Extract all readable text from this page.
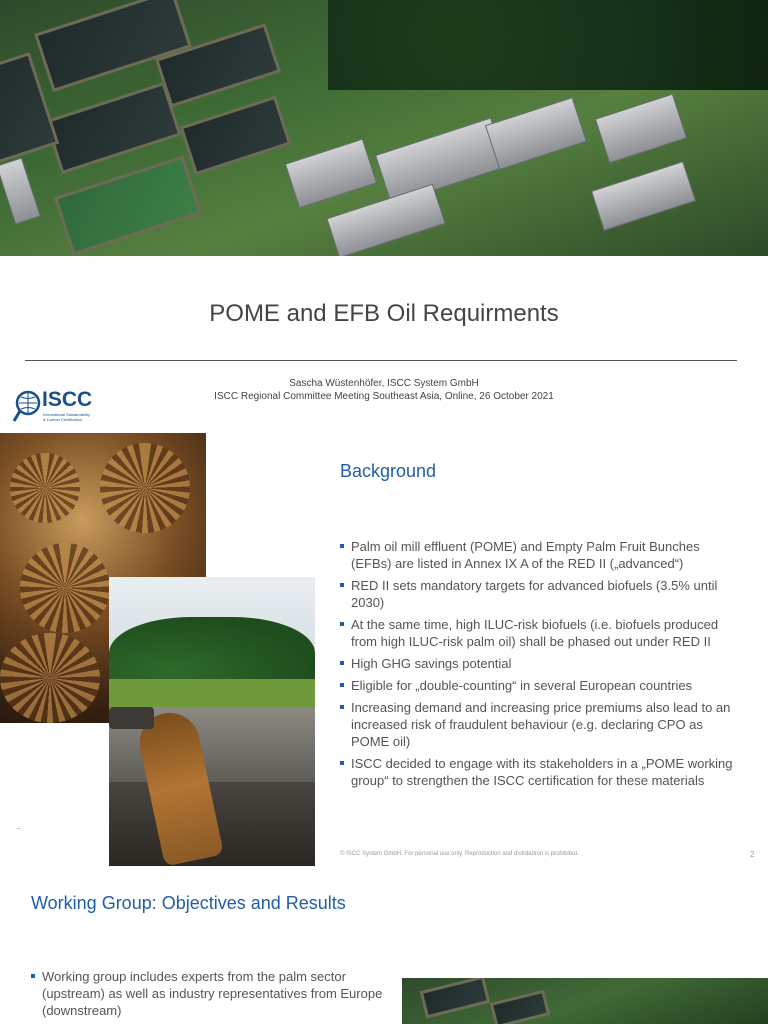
POME and EFB Oil Requirments
Sascha Wüstenhöfer, ISCC System GmbH
ISCC Regional Committee Meeting Southeast Asia, Online, 26 October 2021
ISCC
International Sustainability & Carbon Certification
Background
Palm oil mill effluent (POME) and Empty Palm Fruit Bunches (EFBs) are listed in Annex IX A of the RED II („advanced“)
RED II sets mandatory targets for advanced biofuels (3.5% until 2030)
At the same time, high ILUC-risk biofuels (i.e. biofuels produced from high ILUC-risk palm oil) shall be phased out under RED II
High GHG savings potential
Eligible for „double-counting“ in several European countries
Increasing demand and increasing price premiums also lead to an increased risk of fraudulent behaviour (e.g. declaring CPO as POME oil)
ISCC decided to engage with its stakeholders in a „POME working group“ to strengthen the ISCC certification for these materials
–
© ISCC System GmbH. For personal use only. Reproduction and distribution is prohibited.	2
Working Group: Objectives and Results
Working group includes experts from the palm sector (upstream) as well as industry representatives from Europe (downstream)
